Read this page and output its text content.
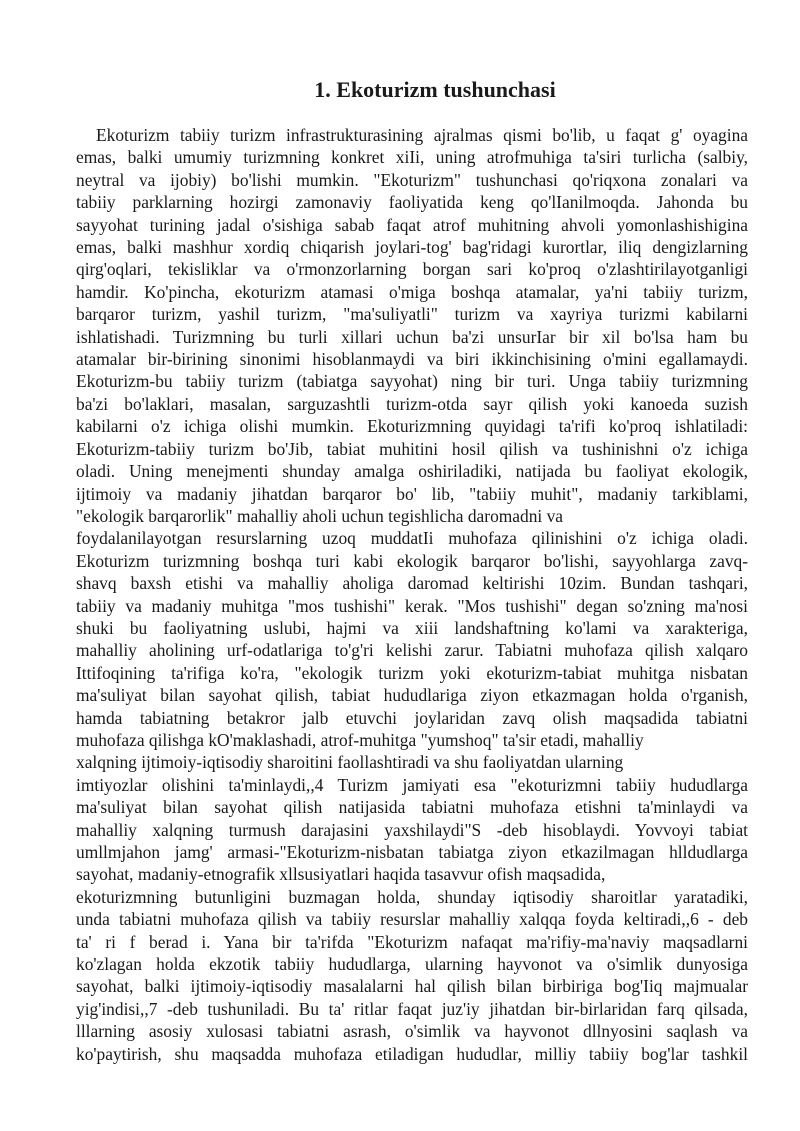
1. Ekoturizm tushunchasi
Ekoturizm tabiiy turizm infrastrukturasining ajralmas qismi bo'lib, u faqat g' oyagina
emas, balki umumiy turizmning konkret xiIi, uning atrofmuhiga ta'siri turlicha (salbiy,
neytral va ijobiy) bo'lishi mumkin. "Ekoturizm" tushunchasi qo'riqxona zonalari va
tabiiy parklarning hozirgi zamonaviy faoliyatida keng qo'lIanilmoqda. Jahonda bu
sayyohat turining jadal o'sishiga sabab faqat atrof muhitning ahvoli yomonlashishigina
emas, balki mashhur xordiq chiqarish joylari-tog' bag'ridagi kurortlar, iliq dengizlarning
qirg'oqlari, tekisliklar va o'rmonzorlarning borgan sari ko'proq o'zlashtirilayotganligi
hamdir. Ko'pincha, ekoturizm atamasi o'miga boshqa atamalar, ya'ni tabiiy turizm,
barqaror turizm, yashil turizm, "ma'suliyatli" turizm va xayriya turizmi kabilarni
ishlatishadi. Turizmning bu turli xillari uchun ba'zi unsurIar bir xil bo'lsa ham bu
atamalar bir-birining sinonimi hisoblanmaydi va biri ikkinchisining o'mini egallamaydi.
Ekoturizm-bu tabiiy turizm (tabiatga sayyohat) ning bir turi. Unga tabiiy turizmning
ba'zi bo'laklari, masalan, sarguzashtli turizm-otda sayr qilish yoki kanoeda suzish
kabilarni o'z ichiga olishi mumkin. Ekoturizmning quyidagi ta'rifi ko'proq ishlatiladi:
Ekoturizm-tabiiy turizm bo'Jib, tabiat muhitini hosil qilish va tushinishni o'z ichiga
oladi. Uning menejmenti shunday amalga oshiriladiki, natijada bu faoliyat ekologik,
ijtimoiy va madaniy jihatdan barqaror bo' lib, "tabiiy muhit", madaniy tarkiblami,
"ekologik barqarorlik" mahalliy aholi uchun tegishlicha daromadni va
foydalanilayotgan resurslarning uzoq muddatIi muhofaza qilinishini o'z ichiga oladi.
Ekoturizm turizmning boshqa turi kabi ekologik barqaror bo'lishi, sayyohlarga zavq-
shavq baxsh etishi va mahalliy aholiga daromad keltirishi 10zim. Bundan tashqari,
tabiiy va madaniy muhitga "mos tushishi" kerak. "Mos tushishi" degan so'zning ma'nosi
shuki bu faoliyatning uslubi, hajmi va xiii landshaftning ko'lami va xarakteriga,
mahalliy aholining urf-odatlariga to'g'ri kelishi zarur. Tabiatni muhofaza qilish xalqaro
Ittifoqining ta'rifiga ko'ra, "ekologik turizm yoki ekoturizm-tabiat muhitga nisbatan
ma'suliyat bilan sayohat qilish, tabiat hududlariga ziyon etkazmagan holda o'rganish,
hamda tabiatning betakror jalb etuvchi joylaridan zavq olish maqsadida tabiatni
muhofaza qilishga kO'maklashadi, atrof-muhitga "yumshoq" ta'sir etadi, mahalliy
xalqning ijtimoiy-iqtisodiy sharoitini faollashtiradi va shu faoliyatdan ularning
imtiyozlar olishini ta'minlaydi,,4 Turizm jamiyati esa "ekoturizmni tabiiy hududlarga
ma'suliyat bilan sayohat qilish natijasida tabiatni muhofaza etishni ta'minlaydi va
mahalliy xalqning turmush darajasini yaxshilaydi"S -deb hisoblaydi. Yovvoyi tabiat
umllmjahon jamg' armasi-"Ekoturizm-nisbatan tabiatga ziyon etkazilmagan hlldudlarga
sayohat, madaniy-etnografik xllsusiyatlari haqida tasavvur ofish maqsadida,
ekoturizmning butunligini buzmagan holda, shunday iqtisodiy sharoitlar yaratadiki,
unda tabiatni muhofaza qilish va tabiiy resurslar mahalliy xalqqa foyda keltiradi,,6 - deb
ta' ri f berad i. Yana bir ta'rifda "Ekoturizm nafaqat ma'rifiy-ma'naviy maqsadlarni
ko'zlagan holda ekzotik tabiiy hududlarga, ularning hayvonot va o'simlik dunyosiga
sayohat, balki ijtimoiy-iqtisodiy masalalarni hal qilish bilan birbiriga bog'Iiq majmualar
yig'indisi,,7 -deb tushuniladi. Bu ta' ritlar faqat juz'iy jihatdan bir-birlaridan farq qilsada,
lllarning asosiy xulosasi tabiatni asrash, o'simlik va hayvonot dllnyosini saqlash va
ko'paytirish, shu maqsadda muhofaza etiladigan hududlar, milliy tabiiy bog'lar tashkil
